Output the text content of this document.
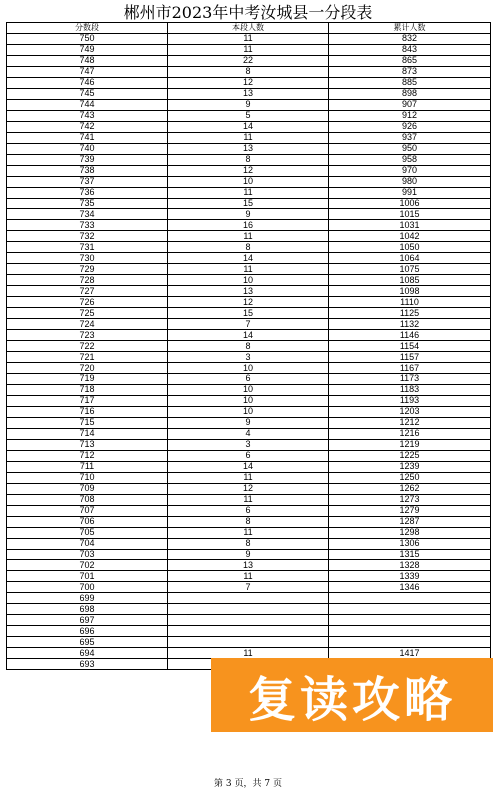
郴州市2023年中考汝城县一分段表
分数段	本段人数	累计人数
750	11	832
749	11	843
748	22	865
747	8	873
746	12	885
745	13	898
744	9	907
743	5	912
742	14	926
741	11	937
740	13	950
739	8	958
738	12	970
737	10	980
736	11	991
735	15	1006
734	9	1015
733	16	1031
732	11	1042
731	8	1050
730	14	1064
729	11	1075
728	10	1085
727	13	1098
726	12	1110
725	15	1125
724	7	1132
723	14	1146
722	8	1154
721	3	1157
720	10	1167
719	6	1173
718	10	1183
717	10	1193
716	10	1203
715	9	1212
714	4	1216
713	3	1219
712	6	1225
711	14	1239
710	11	1250
709	12	1262
708	11	1273
707	6	1279
706	8	1287
705	11	1298
704	8	1306
703	9	1315
702	13	1328
701	11	1339
700	7	1346
699		
698		
697		
696		
695		
694	11	1417
693		
复读攻略
第 3 页，共 7 页
